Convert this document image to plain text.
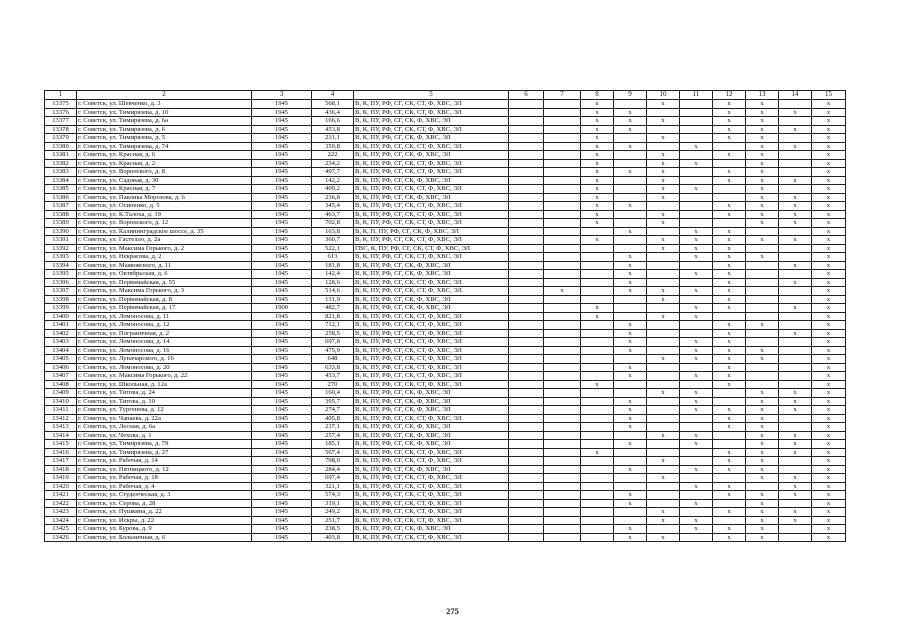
1	2	3	4	5	6	7	8	9	10	11	12	13	14	15
13375	г. Советск, ул. Шевченко, д. 3	1945	568,1	В, К, ПУ, РФ, СГ, СК, СТ, Ф, ХВС, ЭЛ			x		x		x	x		x
13376	г. Советск, ул. Тимирязева, д. 10	1945	436,4	В, К, ПУ, РФ, СГ, СК, СТ, Ф, ХВС, ЭЛ			x	x			x	x	x	x
13377	г. Советск, ул. Тимирязева, д. 6а	1945	166,6	В, К, ПУ, РФ, СГ, СК, Ф, ХВС, ЭЛ			x	x	x		x	x		x
13378	г. Советск, ул. Тимирязева, д. 6	1945	453,8	В, К, ПУ, РФ, СГ, СК, СТ, Ф, ХВС, ЭЛ			x	x			x	x	x	x
13379	г. Советск, ул. Тимирязева, д. 5	1945	231,1	В, К, ПУ, РФ, СГ, СК, Ф, ХВС, ЭЛ			x		x		x	x		x
13380	г. Советск, ул. Тимирязева, д. 74	1945	359,8	В, К, ПУ, РФ, СГ, СК, СТ, Ф, ХВС, ЭЛ			x	x		x		x	x	x
13381	г. Советск, ул. Красная, д. 6	1945	222	В, К, ПУ, РФ, СГ, СК, Ф, ХВС, ЭЛ			x		x		x	x		x
13382	г. Советск, ул. Красная, д. 2	1945	234,2	В, К, ПУ, РФ, СГ, СК, СТ, Ф, ХВС, ЭЛ			x		x	x		x		x
13383	г. Советск, ул. Воронского, д. 8	1945	497,7	В, К, ПУ, РФ, СГ, СК, СТ, Ф, ХВС, ЭЛ			x	x	x		x	x		x
13384	г. Советск, ул. Садовая, д. 30	1945	142,2	В, К, ПУ, РФ, СГ, СК, Ф, ХВС, ЭЛ			x		x		x	x	x	x
13385	г. Советск, ул. Красная, д. 7	1945	409,2	В, К, ПУ, РФ, СГ, СК, СТ, Ф, ХВС, ЭЛ			x		x	x		x		x
13386	г. Советск, ул. Павлика Морозова, д. 6	1945	236,8	В, К, ПУ, РФ, СГ, СК, Ф, ХВС, ЭЛ			x		x			x	x	x
13387	г. Советск, ул. Осипенко, д. 5	1945	345,4	В, К, ПУ, РФ, СГ, СК, СТ, Ф, ХВС, ЭЛ			x	x			x	x	x	x
13388	г. Советск, ул. К.Талоха, д. 19	1945	463,7	В, К, ПУ, РФ, СГ, СК, СТ, Ф, ХВС, ЭЛ			x		x		x	x	x	x
13389	г. Советск, ул. Воронского, д. 12	1945	702,8	В, К, ПУ, РФ, СГ, СК, СТ, Ф, ХВС, ЭЛ			x		x			x	x	x
13390	г. Советск, ул. Калининградское шоссе, д. 35	1945	163,8	В, К, П, ПУ, РФ, СГ, СК, Ф, ХВС, ЭЛ				x		x	x			x
13391	г. Советск, ул. Гастелло, д. 2а	1945	360,7	В, К, ПУ, РФ, СГ, СК, СТ, Ф, ХВС, ЭЛ			x		x	x	x	x	x	x
13392	г. Советск, ул. Максима Горького, д. 2	1945	522,1	ГВС, К, ПУ, РФ, СГ, СК, СТ, Ф, ХВС, ЭЛ					x	x	x			x
13393	г. Советск, ул. Некрасова, д. 2	1945	613	В, К, ПУ, РФ, СГ, СК, СТ, Ф, ХВС, ЭЛ				x		x	x	x		x
13394	г. Советск, ул. Маяковского, д. 11	1945	181,8	В, К, ПУ, РФ, СГ, СК, Ф, ХВС, ЭЛ				x			x		x	x
13395	г. Советск, ул. Октябрьская, д. 6	1945	142,4	В, К, ПУ, РФ, СГ, СК, Ф, ХВС, ЭЛ				x		x	x			x
13396	г. Советск, ул. Первомайская, д. 55	1945	128,6	В, К, ПУ, РФ, СГ, СК, СТ, Ф, ХВС, ЭЛ				x			x		x	x
13397	г. Советск, ул. Максима Горького, д. 3	1945	514,6	В, К, ПУ, РФ, СГ, СК, СТ, Ф, ХВС, ЭЛ		x		x	x	x	x			x
13398	г. Советск, ул. Первомайская, д. 8	1945	131,9	В, К, ПУ, РФ, СГ, СК, Ф, ХВС, ЭЛ					x		x			x
13399	г. Советск, ул. Первомайская, д. 17	1900	482,7	В, К, ПУ, РФ, СГ, СК, Ф, ХВС, ЭЛ			x			x	x		x	x
13400	г. Советск, ул. Ломоносова, д. 11	1945	821,8	В, К, ПУ, РФ, СГ, СК, СТ, Ф, ХВС, ЭЛ			x		x	x				x
13401	г. Советск, ул. Ломоносова, д. 12	1945	712,1	В, К, ПУ, РФ, СГ, СК, СТ, Ф, ХВС, ЭЛ				x			x	x		x
13402	г. Советск, ул. Пограничная, д. 2	1945	258,5	В, К, ПУ, РФ, СГ, СК, СТ, Ф, ХВС, ЭЛ				x			x		x	x
13403	г. Советск, ул. Ломоносова, д. 14	1945	697,8	В, К, ПУ, РФ, СГ, СК, СТ, Ф, ХВС, ЭЛ				x		x	x			x
13404	г. Советск, ул. Ломоносова, д. 16	1945	475,9	В, К, ПУ, РФ, СГ, СК, СТ, Ф, ХВС, ЭЛ				x		x	x	x		x
13405	г. Советск, ул. Луначарского, д. 16	1945	648	В, К, ПУ, РФ, СГ, СК, СТ, Ф, ХВС, ЭЛ					x	x	x	x		x
13406	г. Советск, ул. Ломоносова, д. 20	1945	633,8	В, К, ПУ, РФ, СГ, СК, СТ, Ф, ХВС, ЭЛ				x			x			x
13407	г. Советск, ул. Максима Горького, д. 22	1945	453,7	В, К, ПУ, РФ, СГ, СК, СТ, Ф, ХВС, ЭЛ				x		x	x			x
13408	г. Советск, ул. Школьная, д. 12а	1945	270	В, К, ПУ, РФ, СГ, СК, СТ, Ф, ХВС, ЭЛ			x				x			x
13409	г. Советск, ул. Титова, д. 24	1945	160,4	В, К, ПУ, РФ, СГ, СК, Ф, ХВС, ЭЛ					x	x		x	x	x
13410	г. Советск, ул. Титова, д. 10	1945	395,7	В, К, ПУ, РФ, СГ, СК, Ф, ХВС, ЭЛ				x		x		x	x	x
13411	г. Советск, ул. Тургенева, д. 12	1945	274,7	В, К, ПУ, РФ, СГ, СК, Ф, ХВС, ЭЛ				x		x	x	x	x	x
13412	г. Советск, ул. Чапаева, д. 22а	1945	405,8	В, К, ПУ, РФ, СГ, СК, СТ, Ф, ХВС, ЭЛ				x			x	x		x
13413	г. Советск, ул. Лесная, д. 6а	1945	237,1	В, К, ПУ, РФ, СГ, СК, Ф, ХВС, ЭЛ				x			x	x		x
13414	г. Советск, ул. Чехова, д. 1	1945	257,4	В, К, ПУ, РФ, СГ, СК, Ф, ХВС, ЭЛ					x	x		x	x	x
13415	г. Советск, ул. Тимирязева, д. 79	1945	185,1	В, К, ПУ, РФ, СГ, СК, Ф, ХВС, ЭЛ				x		x		x	x	x
13416	г. Советск, ул. Тимирязева, д. 27	1945	567,4	В, К, ПУ, РФ, СГ, СК, СТ, Ф, ХВС, ЭЛ			x				x	x	x	x
13417	г. Советск, ул. Рабочая, д. 14	1945	798,9	В, К, ПУ, РФ, СГ, СК, СТ, Ф, ХВС, ЭЛ					x		x	x		x
13418	г. Советск, ул. Пятницкого, д. 12	1945	284,4	В, К, ПУ, РФ, СГ, СК, Ф, ХВС, ЭЛ				x		x	x	x		x
13419	г. Советск, ул. Рабочая, д. 18	1945	697,4	В, К, ПУ, РФ, СГ, СК, СТ, Ф, ХВС, ЭЛ					x			x	x	x
13420	г. Советск, ул. Рабочая, д. 4	1945	321,1	В, К, ПУ, РФ, СГ, СК, СТ, Ф, ХВС, ЭЛ						x	x		x	x
13421	г. Советск, ул. Студенческая, д. 3	1945	574,3	В, К, ПУ, РФ, СГ, СК, СТ, Ф, ХВС, ЭЛ				x			x	x	x	x
13422	г. Советск, ул. Серова, д. 28	1945	319,1	В, К, ПУ, РФ, СГ, СК, СТ, Ф, ХВС, ЭЛ				x		x		x		x
13423	г. Советск, ул. Пушкина, д. 22	1945	249,2	В, К, ПУ, РФ, СГ, СК, СТ, Ф, ХВС, ЭЛ					x		x	x	x	x
13424	г. Советск, ул. Искры, д. 22	1945	251,7	В, К, ПУ, РФ, СГ, СК, СТ, Ф, ХВС, ЭЛ					x	x		x	x	x
13425	г. Советск, ул. Бурова, д. 9	1945	238,5	В, К, ПУ, РФ, СГ, СК, Ф, ХВС, ЭЛ				x		x	x	x		x
13426	г. Советск, ул. Больничная, д. 6	1945	403,8	В, К, ПУ, РФ, СГ, СК, СТ, Ф, ХВС, ЭЛ				x	x		x	x		x
275
